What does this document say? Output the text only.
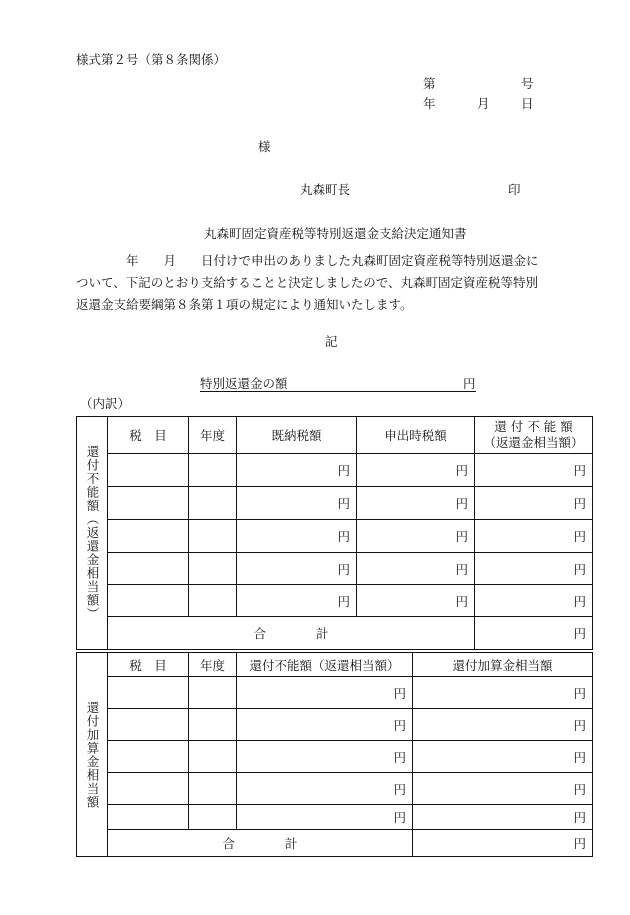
様式第２号（第８条関係）
第	号
年	月	日
様
丸森町長	印
丸森町固定資産税等特別返還金支給決定通知書
　　　　年　　月　　日付けで申出のありました丸森町固定資産税等特別返還金に
ついて、下記のとおり支給することと決定しましたので、丸森町固定資産税等特別
返還金支給要綱第８条第１項の規定により通知いたします。
記
特別返還金の額	円
（内訳）
還付不能額（返還金相当額）	税　目	年度	既納税額	申出時税額	還 付 不 能 額
（返還金相当額）

			円	円	円
			円	円	円
			円	円	円
			円	円	円
			円	円	円
	合　　　　計				円
還付加算金相当額	税　目	年度	還付不能額（返還相当額）	還付加算金相当額
			円	円
			円	円
			円	円
			円	円
			円	円
	合　　　　計			円
